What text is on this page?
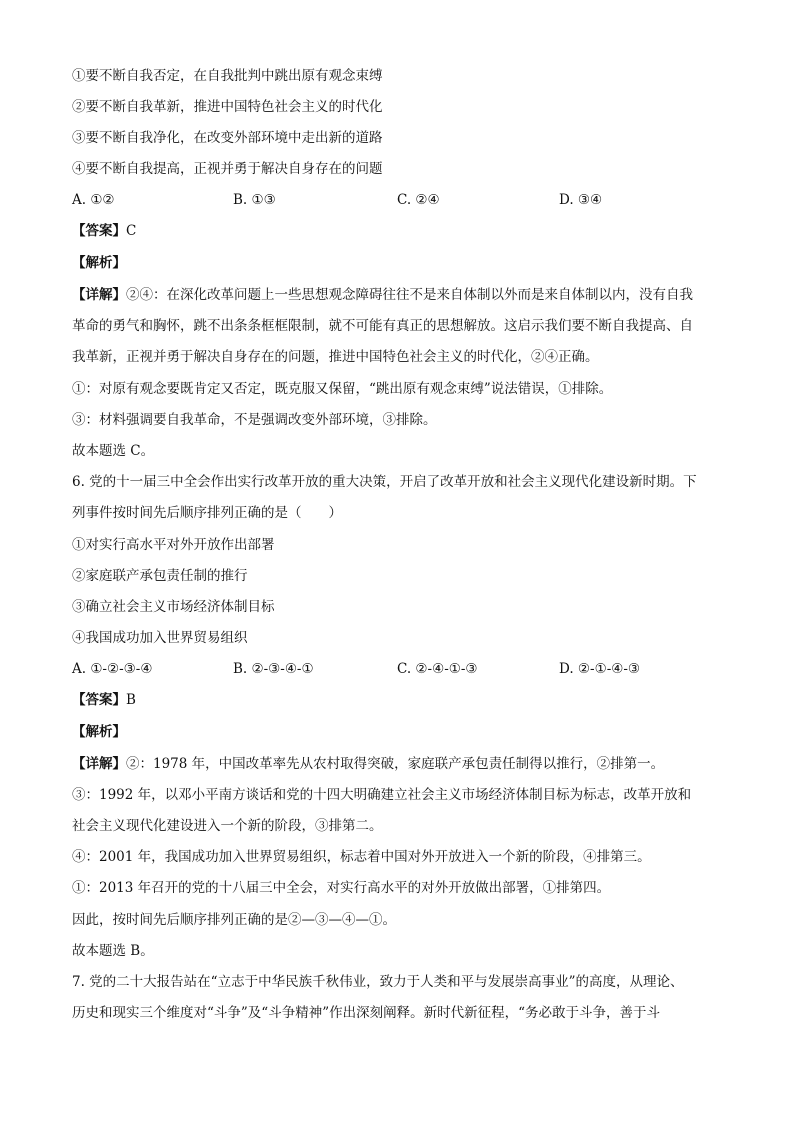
①要不断自我否定，在自我批判中跳出原有观念束缚
②要不断自我革新，推进中国特色社会主义的时代化
③要不断自我净化，在改变外部环境中走出新的道路
④要不断自我提高，正视并勇于解决自身存在的问题
A. ①②	B. ①③	C. ②④	D. ③④
【答案】C
【解析】
【详解】②④：在深化改革问题上一些思想观念障碍往往不是来自体制以外而是来自体制以内，没有自我
革命的勇气和胸怀，跳不出条条框框限制，就不可能有真正的思想解放。这启示我们要不断自我提高、自
我革新，正视并勇于解决自身存在的问题，推进中国特色社会主义的时代化，②④正确。
①：对原有观念要既肯定又否定，既克服又保留，“跳出原有观念束缚”说法错误，①排除。
③：材料强调要自我革命，不是强调改变外部环境，③排除。
故本题选 C。
6. 党的十一届三中全会作出实行改革开放的重大决策，开启了改革开放和社会主义现代化建设新时期。下
列事件按时间先后顺序排列正确的是（　　）
①对实行高水平对外开放作出部署
②家庭联产承包责任制的推行
③确立社会主义市场经济体制目标
④我国成功加入世界贸易组织
A. ①-②-③-④	B. ②-③-④-①	C. ②-④-①-③	D. ②-①-④-③
【答案】B
【解析】
【详解】②：1978 年，中国改革率先从农村取得突破，家庭联产承包责任制得以推行，②排第一。
③：1992 年，以邓小平南方谈话和党的十四大明确建立社会主义市场经济体制目标为标志，改革开放和
社会主义现代化建设进入一个新的阶段，③排第二。
④：2001 年，我国成功加入世界贸易组织，标志着中国对外开放进入一个新的阶段，④排第三。
①：2013 年召开的党的十八届三中全会，对实行高水平的对外开放做出部署，①排第四。
因此，按时间先后顺序排列正确的是②—③—④—①。
故本题选 B。
7. 党的二十大报告站在“立志于中华民族千秋伟业，致力于人类和平与发展崇高事业”的高度，从理论、
历史和现实三个维度对“斗争”及“斗争精神”作出深刻阐释。新时代新征程，“务必敢于斗争，善于斗
